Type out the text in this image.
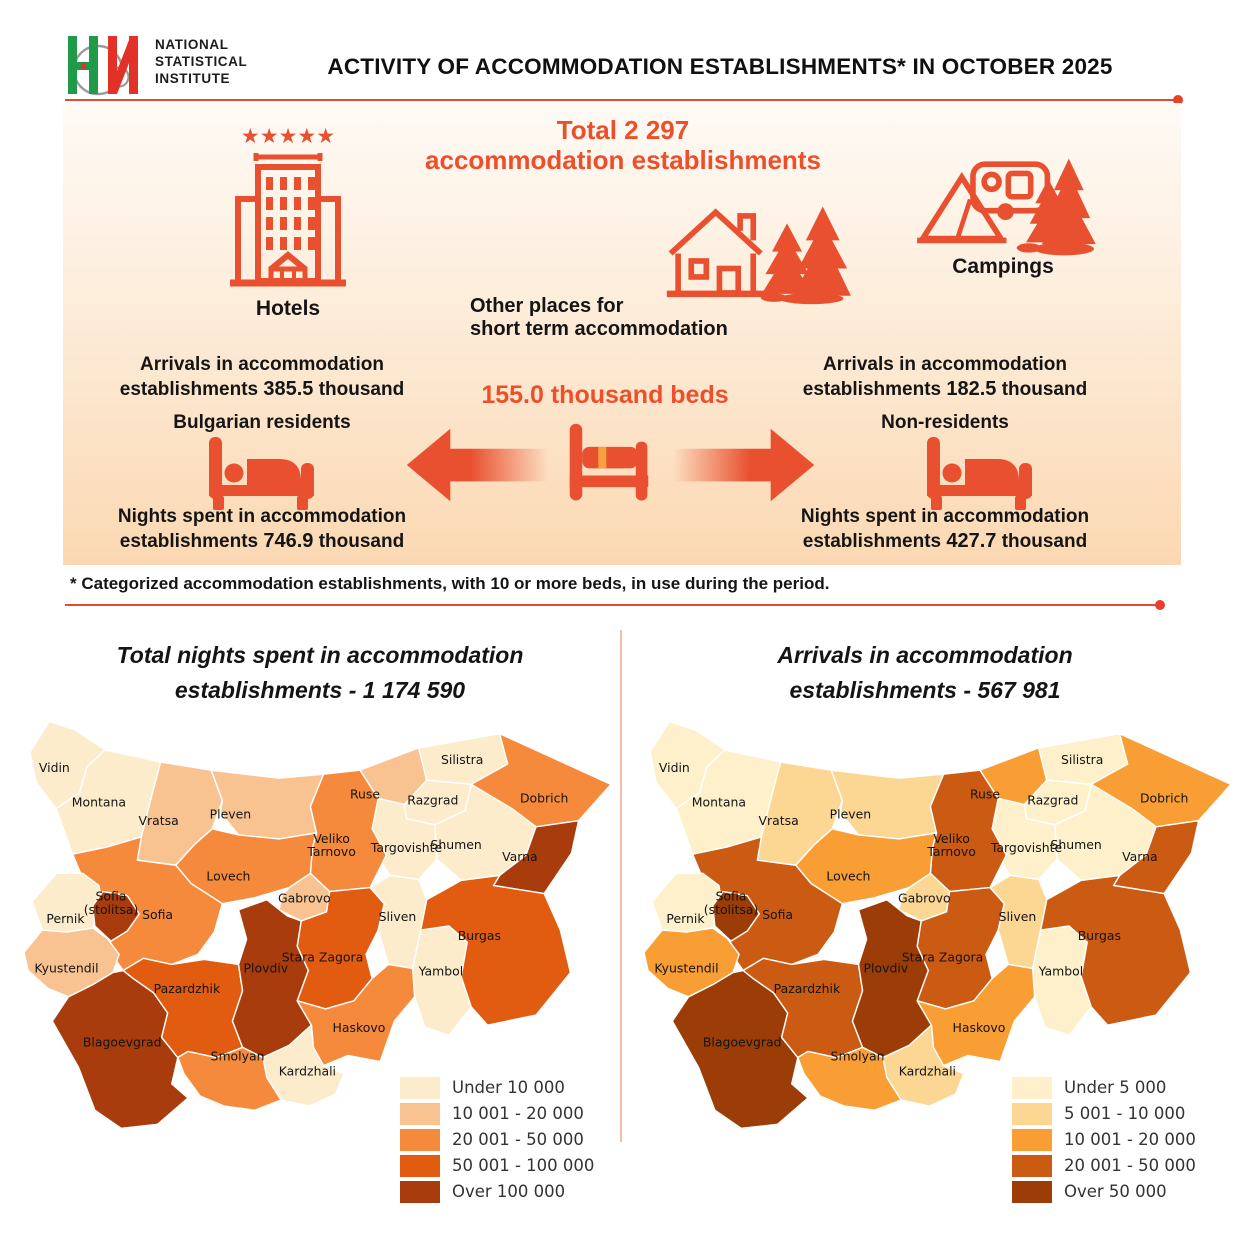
NATIONAL
STATISTICAL
INSTITUTE	ACTIVITY OF ACCOMMODATION ESTABLISHMENTS* IN OCTOBER 2025
Total 2 297
accommodation establishments
★★★★★
Hotels	Other places for
short term accommodation
Campings
Arrivals in accommodation
establishments 385.5 thousand
Bulgarian residents
Nights spent in accommodation
establishments 746.9 thousand
155.0 thousand beds
Arrivals in accommodation
establishments 182.5 thousand
Non-residents
Nights spent in accommodation
establishments 427.7 thousand
* Categorized accommodation establishments, with 10 or more beds, in use during the period.
Total nights spent in accommodation
establishments - 1 174 590
Arrivals in accommodation
establishments - 567 981
Vidin
Montana
Vratsa	Pleven
Ruse
Silistra
Razgrad	Dobrich
Shumen
Targovishte
Veliko Tarnovo
Gabrovo
Lovech
Varna
Sofia
Pernik
Kyustendil
Blagoevgrad
Pazardzhik
Plovdiv
Stara Zagora
Sliven
Yambol
Burgas
Haskovo
Kardzhali
Smolyan
Sofia (stolitsa)
Vidin
Montana
Vratsa	Pleven
Ruse
Silistra
Razgrad	Dobrich
Shumen
Targovishte
Veliko Tarnovo
Gabrovo
Lovech
Varna
Sofia
Pernik
Kyustendil
Blagoevgrad
Pazardzhik
Plovdiv
Stara Zagora
Sliven
Yambol
Burgas
Haskovo
Kardzhali
Smolyan
Sofia (stolitsa)
Under 10 000
10 001 - 20 000
20 001 - 50 000
50 001 - 100 000
Over 100 000
Under 5 000
5 001 - 10 000
10 001 - 20 000
20 001 - 50 000
Over 50 000
